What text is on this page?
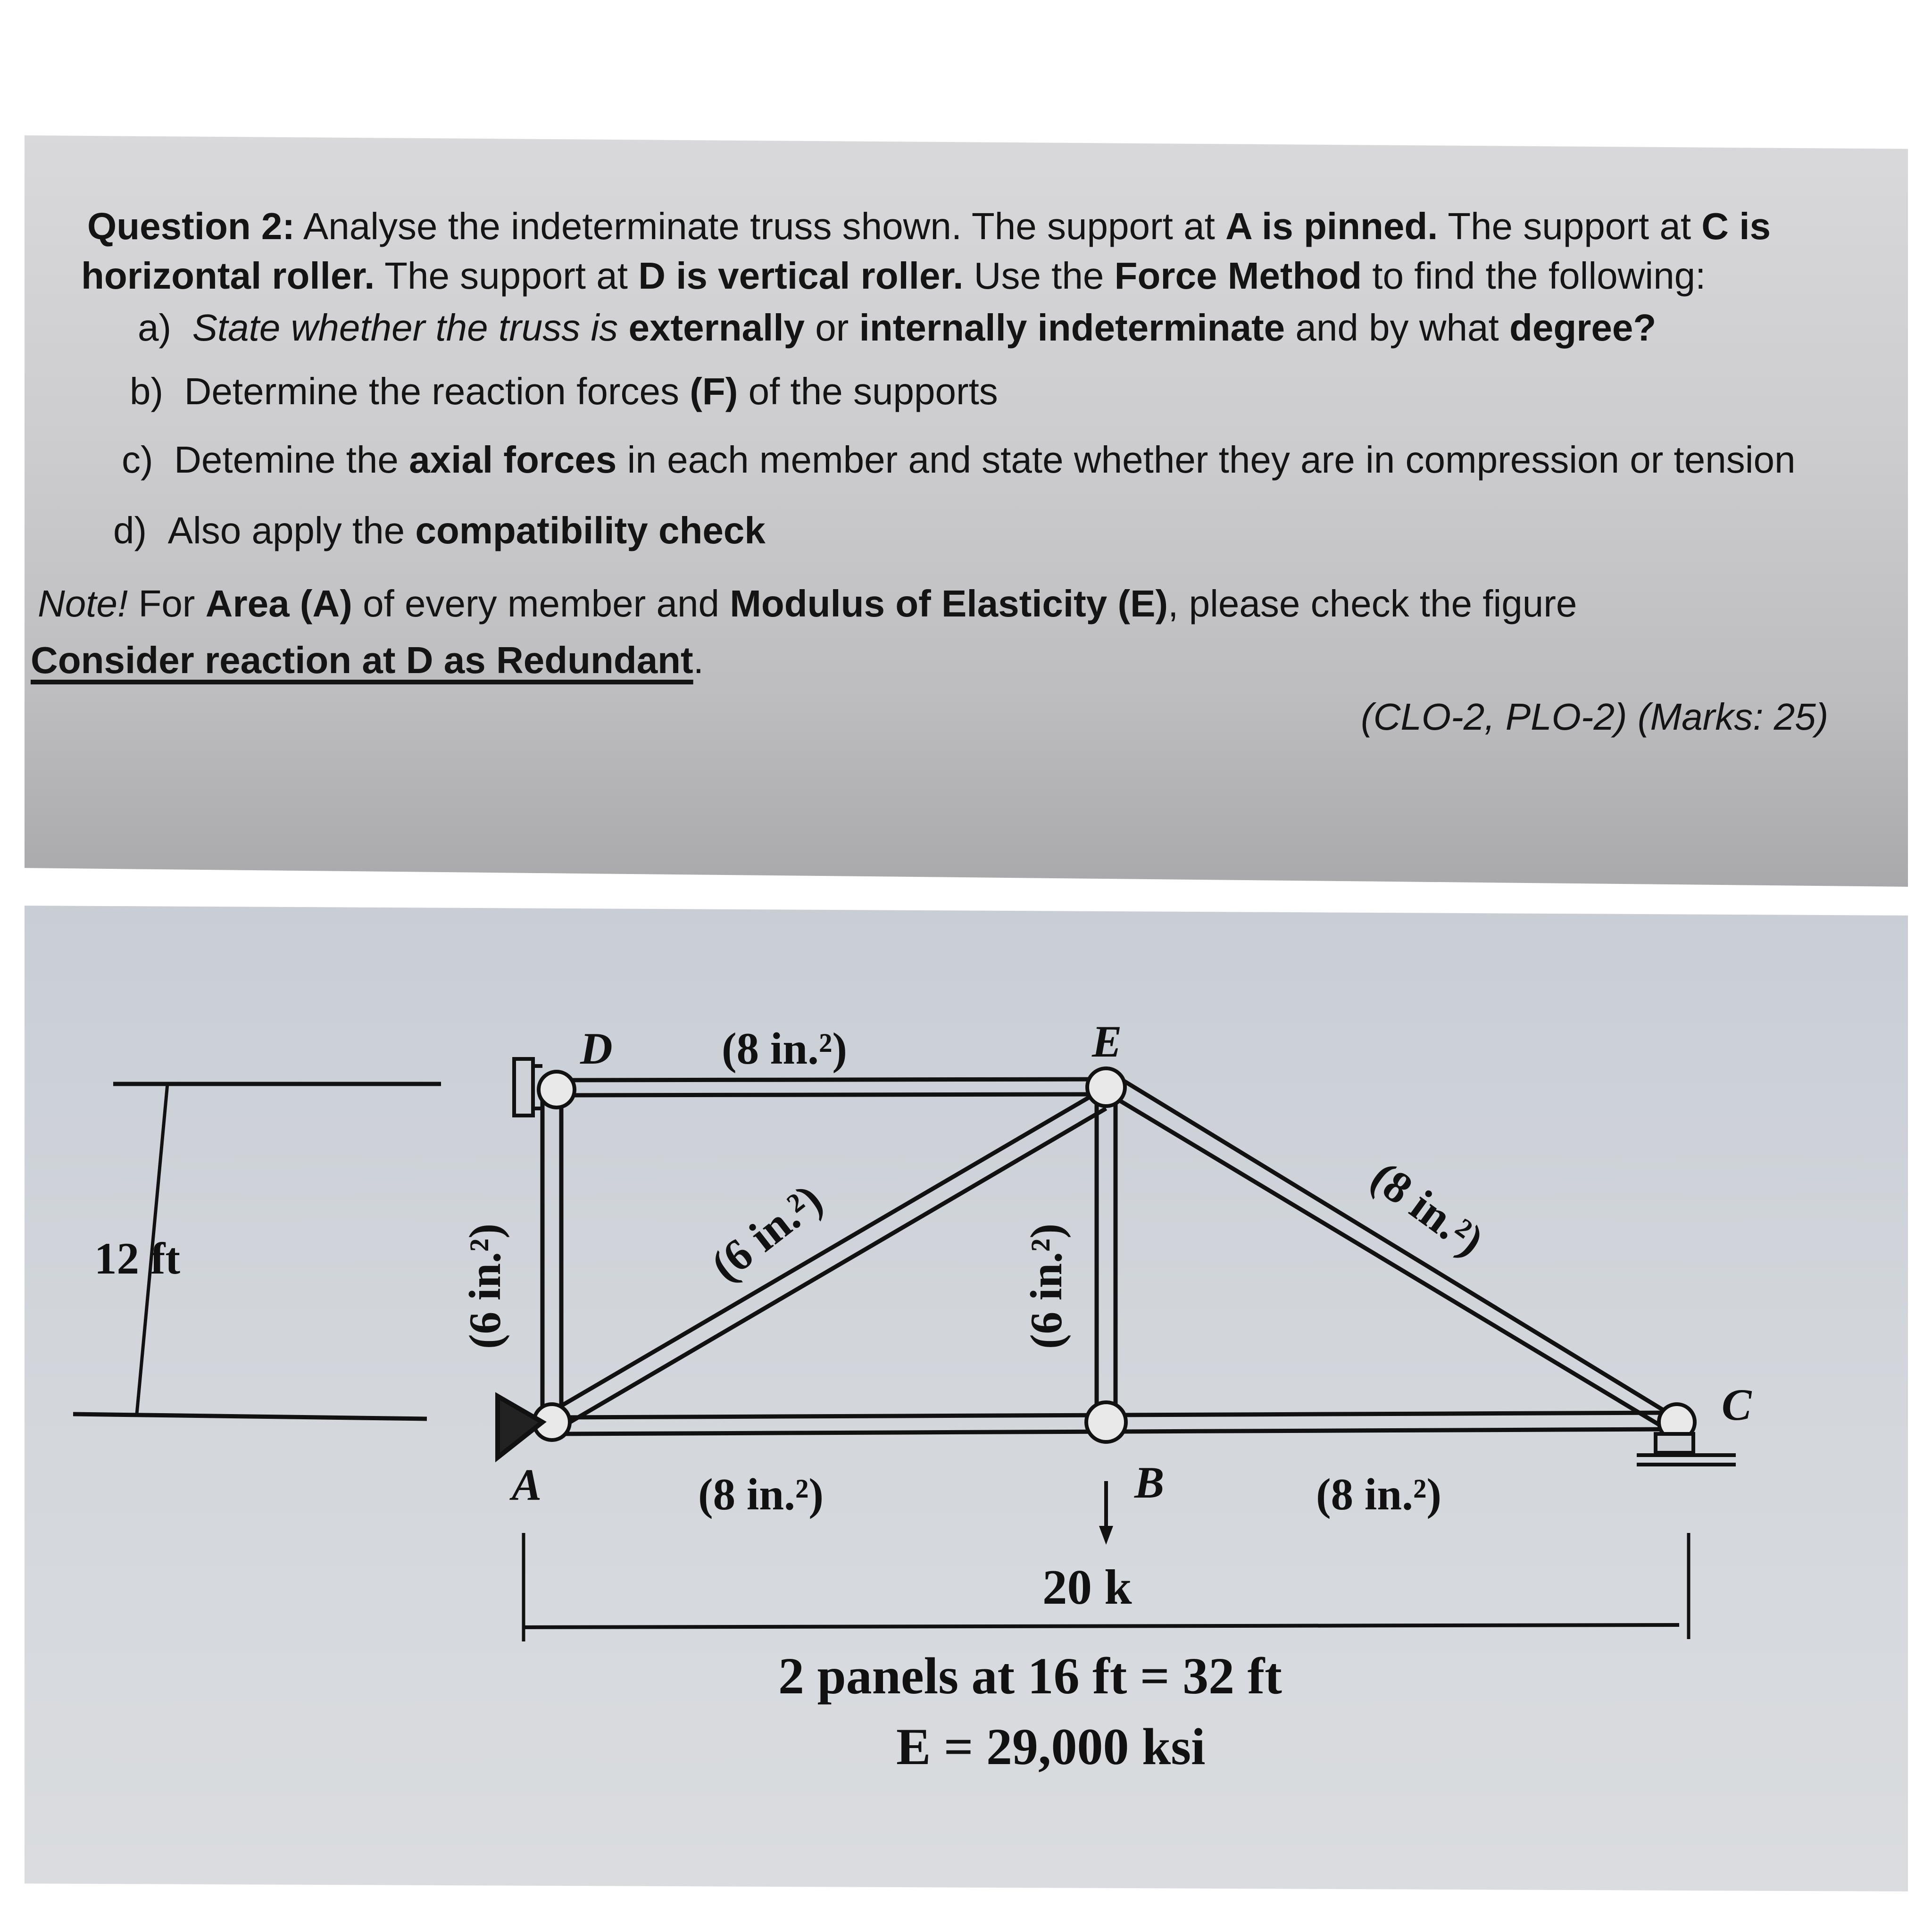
Question 2: Analyse the indeterminate truss shown. The support at A is pinned. The support at C is
horizontal roller. The support at D is vertical roller. Use the Force Method to find the following:
a) State whether the truss is externally or internally indeterminate and by what degree?
b) Determine the reaction forces (F) of the supports
c) Detemine the axial forces in each member and state whether they are in compression or tension
d) Also apply the compatibility check
Note! For Area (A) of every member and Modulus of Elasticity (E), please check the figure
Consider reaction at D as Redundant.
(CLO-2, PLO-2) (Marks: 25)
D	E
A	B
C
(8 in.²)
(8 in.²)	(8 in.²)
(6 in.²)	(6 in.²)
(6 in.²)	(8 in.²)
12 ft
20 k
2 panels at 16 ft = 32 ft
E = 29,000 ksi
